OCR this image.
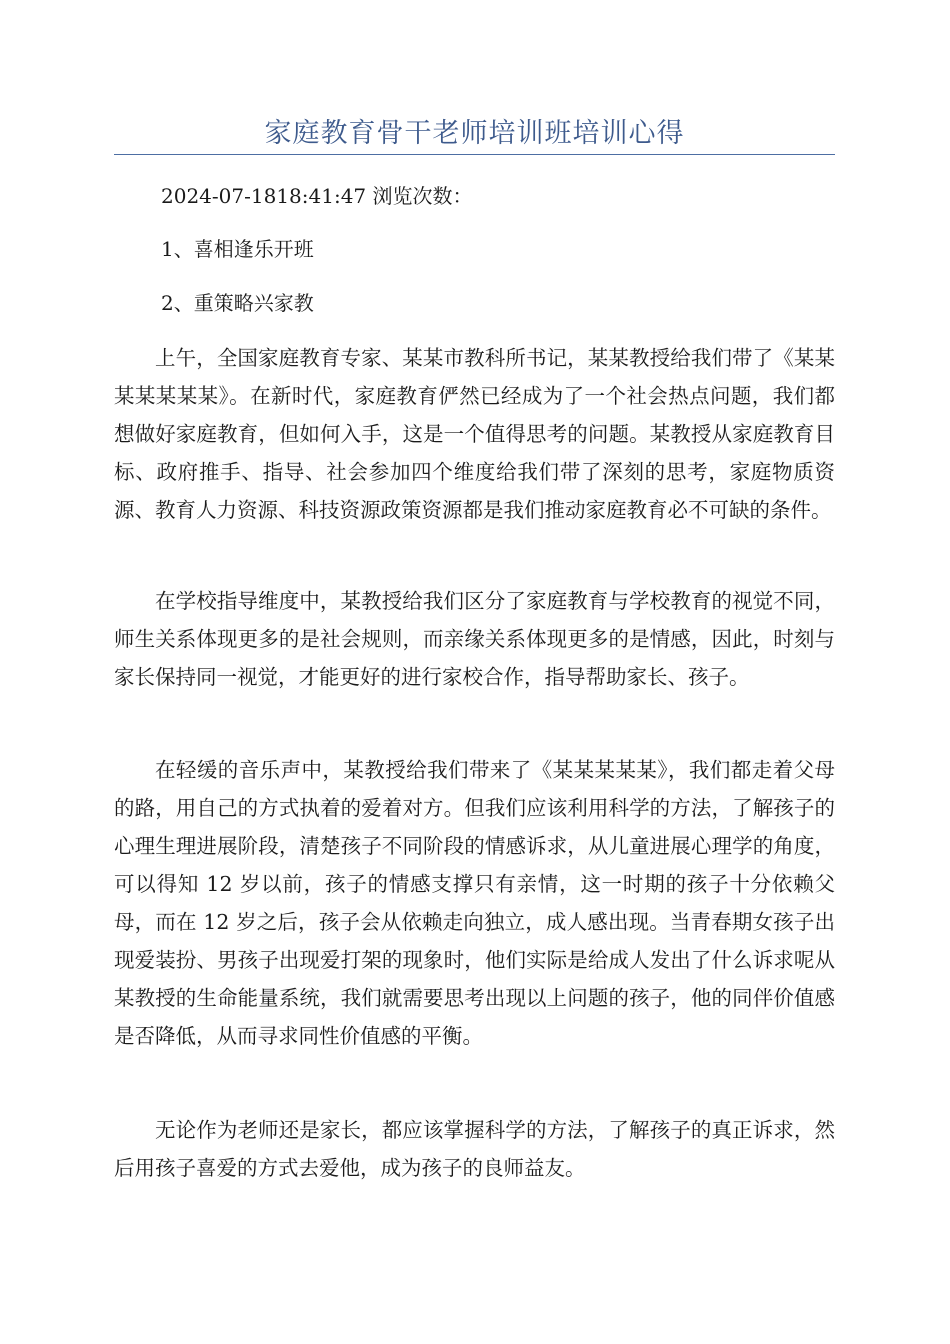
家庭教育骨干老师培训班培训心得
2024-07-1818:41:47 浏览次数：
1、喜相逢乐开班
2、重策略兴家教

上午，全国家庭教育专家、某某市教科所书记，某某教授给我们带了《某某某某某某某》。在新时代，家庭教育俨然已经成为了一个社会热点问题，我们都想做好家庭教育，但如何入手，这是一个值得思考的问题。某教授从家庭教育目标、政府推手、指导、社会参加四个维度给我们带了深刻的思考，家庭物质资源、教育人力资源、科技资源政策资源都是我们推动家庭教育必不可缺的条件。

在学校指导维度中，某教授给我们区分了家庭教育与学校教育的视觉不同，师生关系体现更多的是社会规则，而亲缘关系体现更多的是情感，因此，时刻与家长保持同一视觉，才能更好的进行家校合作，指导帮助家长、孩子。

在轻缓的音乐声中，某教授给我们带来了《某某某某某》，我们都走着父母的路，用自己的方式执着的爱着对方。但我们应该利用科学的方法，了解孩子的心理生理进展阶段，清楚孩子不同阶段的情感诉求，从儿童进展心理学的角度，可以得知 12 岁以前，孩子的情感支撑只有亲情，这一时期的孩子十分依赖父母，而在 12 岁之后，孩子会从依赖走向独立，成人感出现。当青春期女孩子出现爱装扮、男孩子出现爱打架的现象时，他们实际是给成人发出了什么诉求呢从某教授的生命能量系统，我们就需要思考出现以上问题的孩子，他的同伴价值感是否降低，从而寻求同性价值感的平衡。

无论作为老师还是家长，都应该掌握科学的方法，了解孩子的真正诉求，然后用孩子喜爱的方式去爱他，成为孩子的良师益友。
